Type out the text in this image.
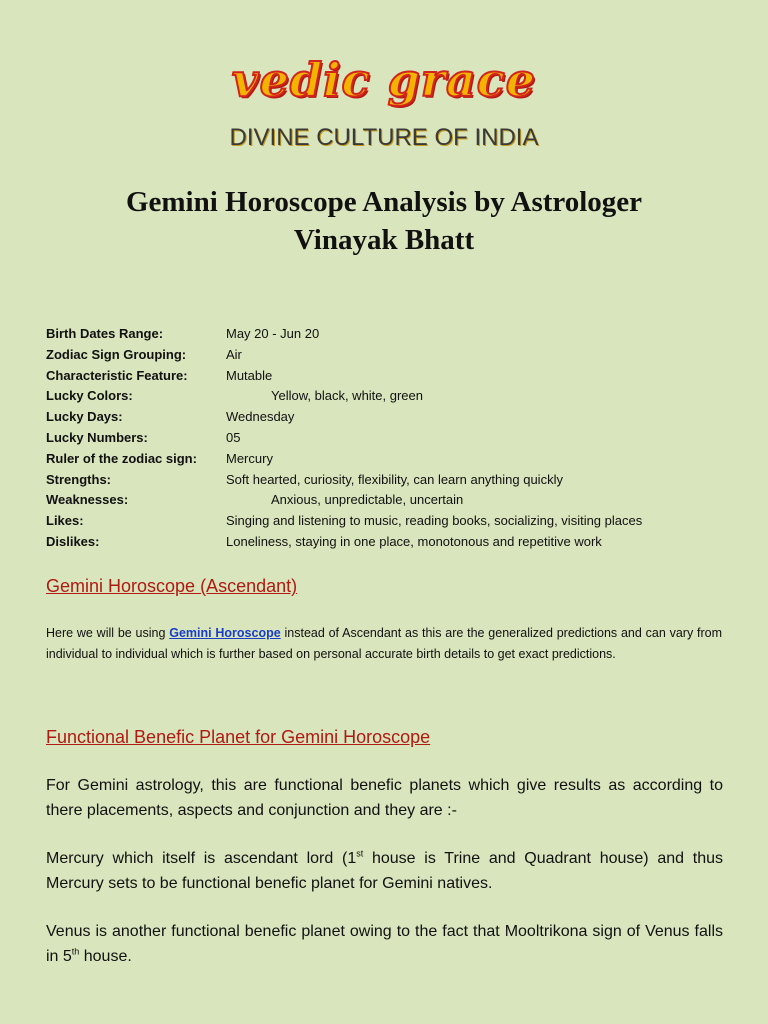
vedic grace
DIVINE CULTURE OF INDIA
Gemini Horoscope Analysis by Astrologer
Vinayak Bhatt
Birth Dates Range:	May 20 - Jun 20
Zodiac Sign Grouping:	Air
Characteristic Feature:	Mutable
Lucky Colors:	Yellow, black, white, green
Lucky Days:	Wednesday
Lucky Numbers:	05
Ruler of the zodiac sign: Mercury
Strengths:	Soft hearted, curiosity, flexibility, can learn anything quickly
Weaknesses:	Anxious, unpredictable, uncertain
Likes:	Singing and listening to music, reading books, socializing, visiting places
Dislikes:	Loneliness, staying in one place, monotonous and repetitive work
Gemini Horoscope (Ascendant)
Here we will be using Gemini Horoscope instead of Ascendant as this are the generalized predictions and can vary from individual to individual which is further based on personal accurate birth details to get exact predictions.
Functional Benefic Planet for Gemini Horoscope
For Gemini astrology, this are functional benefic planets which give results as according to there placements, aspects and conjunction and they are :-
Mercury which itself is ascendant lord (1st house is Trine and Quadrant house) and thus Mercury sets to be functional benefic planet for Gemini natives.
Venus is another functional benefic planet owing to the fact that Mooltrikona sign of Venus falls in 5th house.
